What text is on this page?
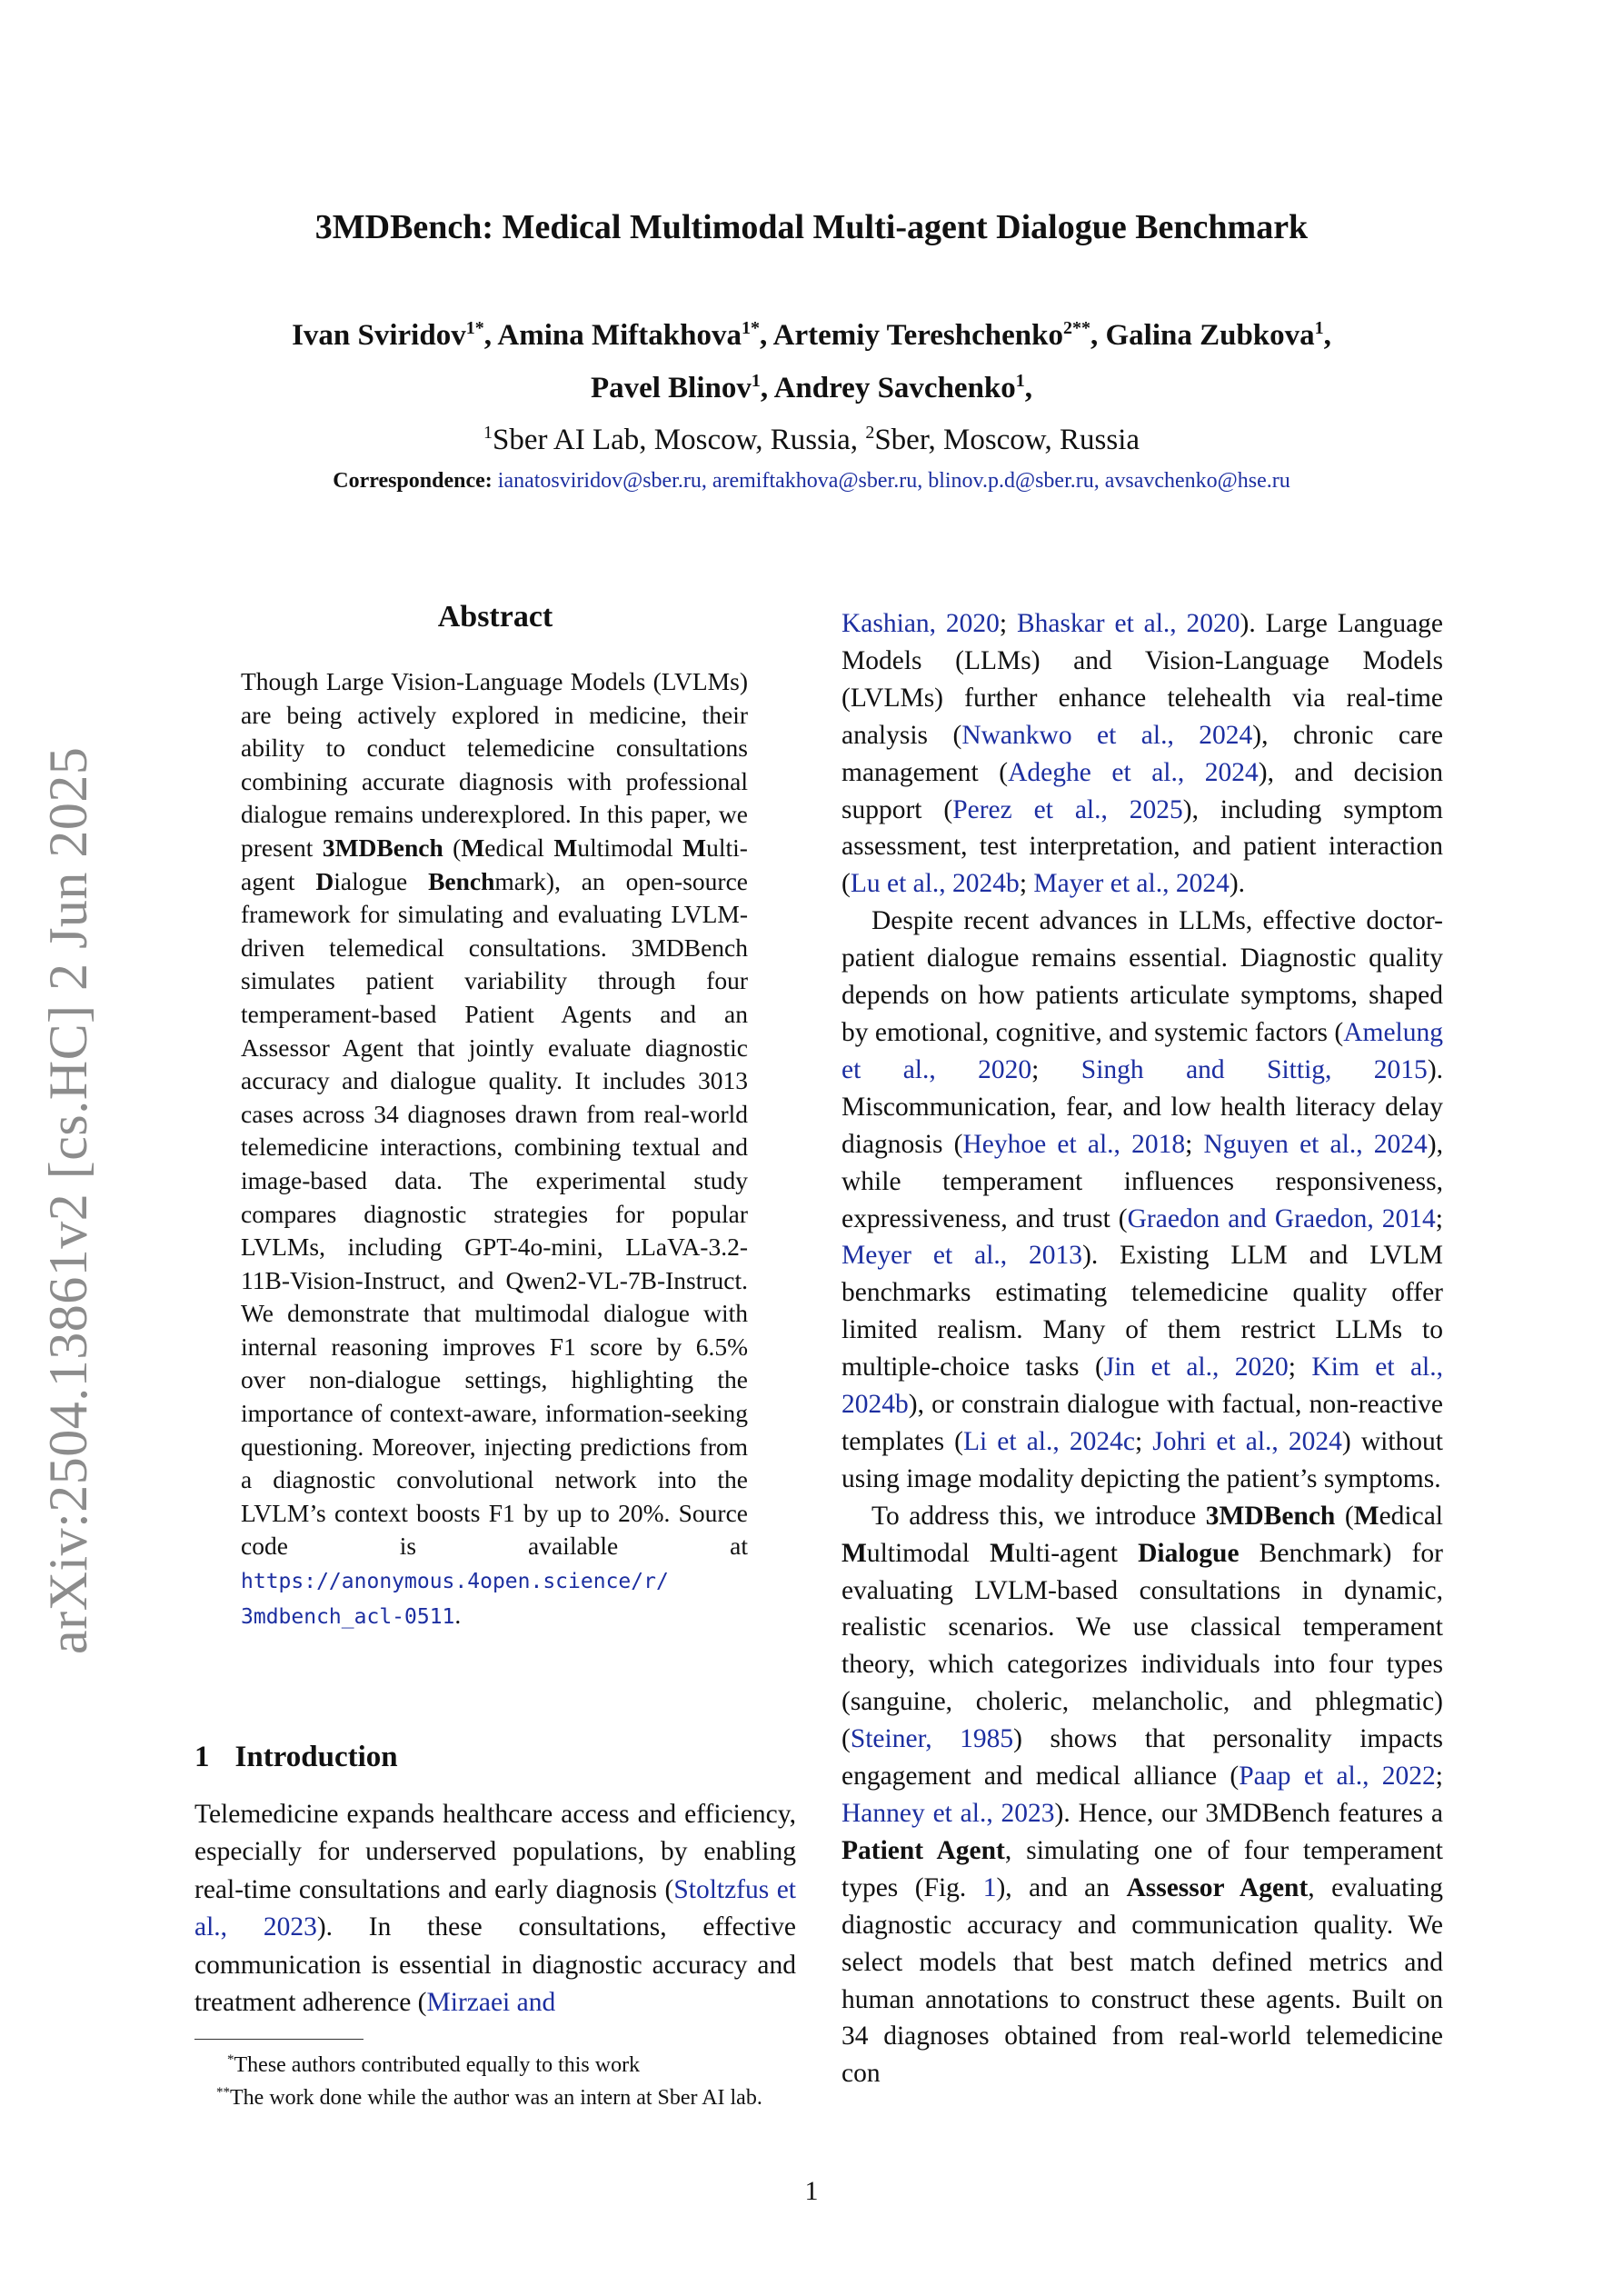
arXiv:2504.13861v2 [cs.HC] 2 Jun 2025
3MDBench: Medical Multimodal Multi-agent Dialogue Benchmark
Ivan Sviridov$^{1*}$, Amina Miftakhova$^{1*}$, Artemiy Tereshchenko$^{2**}$, Galina Zubkova$^1$,
Pavel Blinov$^1$, Andrey Savchenko$^1$,
$^1$Sber AI Lab, Moscow, Russia, $^2$Sber, Moscow, Russia
Correspondence: ianatosviridov@sber.ru, aremiftakhova@sber.ru, blinov.p.d@sber.ru, avsavchenko@hse.ru
Abstract
Though Large Vision-Language Models (LVLMs) are being actively explored in medicine, their ability to conduct telemedicine consultations combining accurate diagnosis with professional dialogue remains underexplored. In this paper, we present 3MDBench (Medical Multimodal Multi-agent Dialogue Benchmark), an open-source framework for simulating and evaluating LVLM-driven telemedical consultations. 3MDBench simulates patient variability through four temperament-based Patient Agents and an Assessor Agent that jointly evaluate diagnostic accuracy and dialogue quality. It includes 3013 cases across 34 diagnoses drawn from real-world telemedicine interactions, combining textual and image-based data. The experimental study compares diagnostic strategies for popular LVLMs, including GPT-4o-mini, LLaVA-3.2-11B-Vision-Instruct, and Qwen2-VL-7B-Instruct. We demonstrate that multimodal dialogue with internal reasoning improves F1 score by 6.5% over non-dialogue settings, highlighting the importance of context-aware, information-seeking questioning. Moreover, injecting predictions from a diagnostic convolutional network into the LVLM’s context boosts F1 by up to 20%. Source code is available at https://anonymous.4open.science/r/ 3mdbench_acl-0511.
1 Introduction
Telemedicine expands healthcare access and efficiency, especially for underserved populations, by enabling real-time consultations and early diagnosis (Stoltzfus et al., 2023). In these consultations, effective communication is essential in diagnostic accuracy and treatment adherence (Mirzaei and

*These authors contributed equally to this work

**The work done while the author was an intern at Sber AI lab.

Kashian, 2020; Bhaskar et al., 2020). Large Language Models (LLMs) and Vision-Language Models (LVLMs) further enhance telehealth via real-time analysis (Nwankwo et al., 2024), chronic care management (Adeghe et al., 2024), and decision support (Perez et al., 2025), including symptom assessment, test interpretation, and patient interaction (Lu et al., 2024b; Mayer et al., 2024).

Despite recent advances in LLMs, effective doctor-patient dialogue remains essential. Diagnostic quality depends on how patients articulate symptoms, shaped by emotional, cognitive, and systemic factors (Amelung et al., 2020; Singh and Sittig, 2015). Miscommunication, fear, and low health literacy delay diagnosis (Heyhoe et al., 2018; Nguyen et al., 2024), while temperament influences responsiveness, expressiveness, and trust (Graedon and Graedon, 2014; Meyer et al., 2013). Existing LLM and LVLM benchmarks estimating telemedicine quality offer limited realism. Many of them restrict LLMs to multiple-choice tasks (Jin et al., 2020; Kim et al., 2024b), or constrain dialogue with factual, non-reactive templates (Li et al., 2024c; Johri et al., 2024) without using image modality depicting the patient’s symptoms.

To address this, we introduce 3MDBench (Medical Multimodal Multi-agent Dialogue Benchmark) for evaluating LVLM-based consultations in dynamic, realistic scenarios. We use classical temperament theory, which categorizes individuals into four types (sanguine, choleric, melancholic, and phlegmatic) (Steiner, 1985) shows that personality impacts engagement and medical alliance (Paap et al., 2022; Hanney et al., 2023). Hence, our 3MDBench features a Patient Agent, simulating one of four temperament types (Fig. 1), and an Assessor Agent, evaluating diagnostic accuracy and communication quality. We select models that best match defined metrics and human annotations to construct these agents. Built on 34 diagnoses obtained from real-world telemedicine con

1
